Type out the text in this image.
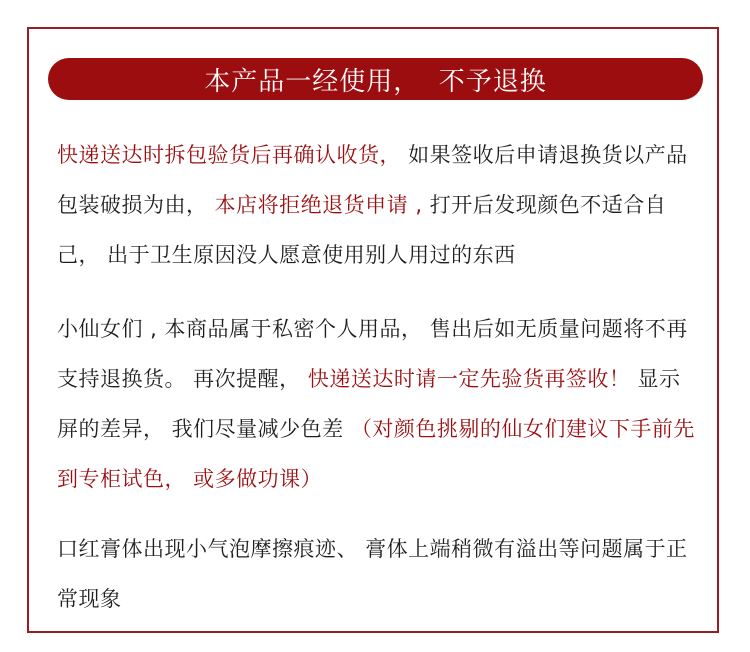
本产品一经使用，  不予退换

快递送达时拆包验货后再确认收货， 如果签收后申请退换货以产品包装破损为由， 本店将拒绝退货申请 , 打开后发现颜色不适合自己， 出于卫生原因没人愿意使用别人用过的东西

小仙女们 , 本商品属于私密个人用品， 售出后如无质量问题将不再支持退换货。 再次提醒， 快递送达时请一定先验货再签收！ 显示屏的差异， 我们尽量减少色差 （对颜色挑剔的仙女们建议下手前先到专柜试色， 或多做功课）

口红膏体出现小气泡摩擦痕迹、 膏体上端稍微有溢出等问题属于正常现象
